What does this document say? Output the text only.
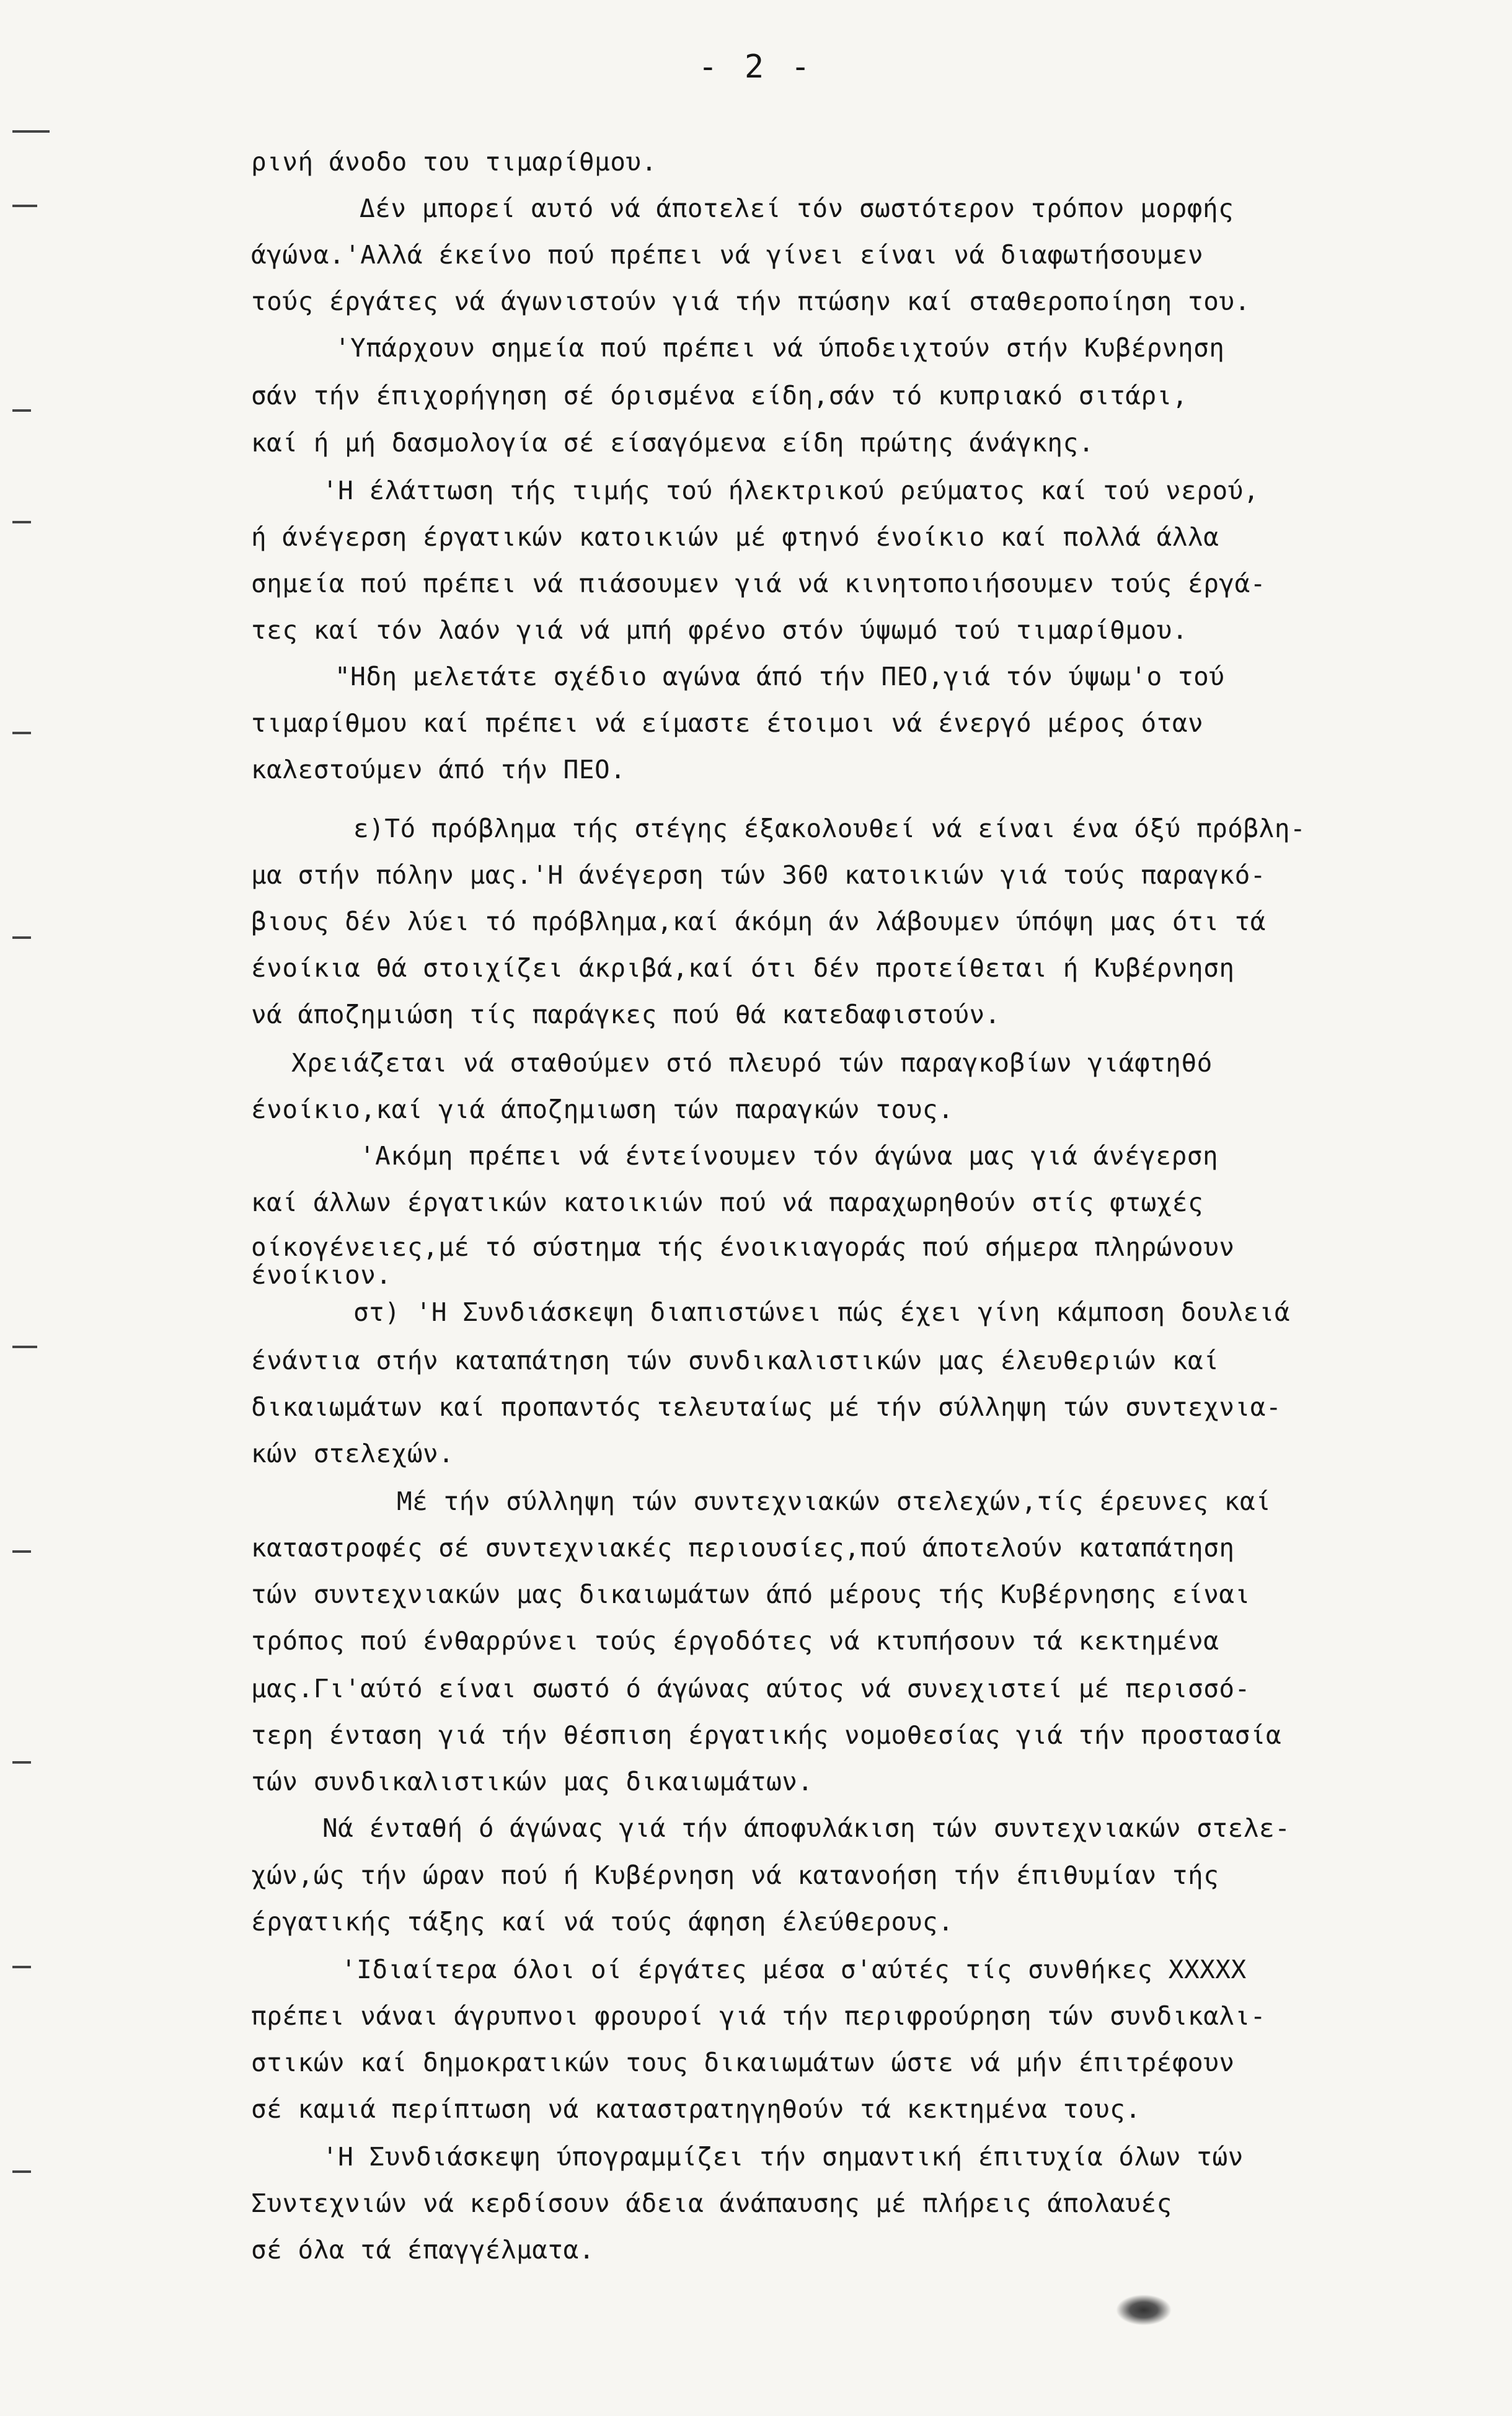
- 2 -
ρινή άνοδο του τιμαρίθμου.
Δέν μπορεί αυτό νά άποτελεί τόν σωστότερον τρόπον μορφής
άγώνα.'Αλλά έκείνο πού πρέπει νά γίνει είναι νά διαφωτήσουμεν
τούς έργάτες νά άγωνιστούν γιά τήν πτώσην καί σταθεροποίηση του.
'Υπάρχουν σημεία πού πρέπει νά ύποδειχτούν στήν Κυβέρνηση
σάν τήν έπιχορήγηση σέ όρισμένα είδη,σάν τό κυπριακό σιτάρι,
καί ή μή δασμολογία σέ είσαγόμενα είδη πρώτης άνάγκης.
'Η έλάττωση τής τιμής τού ήλεκτρικού ρεύματος καί τού νερού,
ή άνέγερση έργατικών κατοικιών μέ φτηνό ένοίκιο καί πολλά άλλα
σημεία πού πρέπει νά πιάσουμεν γιά νά κινητοποιήσουμεν τούς έργά-
τες καί τόν λαόν γιά νά μπή φρένο στόν ύψωμό τού τιμαρίθμου.
"Ηδη μελετάτε σχέδιο αγώνα άπό τήν ΠΕΟ,γιά τόν ύψωμ'ο τού
τιμαρίθμου καί πρέπει νά είμαστε έτοιμοι νά ένεργό μέρος όταν
καλεστούμεν άπό τήν ΠΕΟ.
ε)Τό πρόβλημα τής στέγης έξακολουθεί νά είναι ένα όξύ πρόβλη-
μα στήν πόλην μας.'Η άνέγερση τών 360 κατοικιών γιά τούς παραγκό-
βιους δέν λύει τό πρόβλημα,καί άκόμη άν λάβουμεν ύπόψη μας ότι τά
ένοίκια θά στοιχίζει άκριβά,καί ότι δέν προτείθεται ή Κυβέρνηση
νά άποζημιώση τίς παράγκες πού θά κατεδαφιστούν.
Χρειάζεται νά σταθούμεν στό πλευρό τών παραγκοβίων γιάφτηθό
ένοίκιο,καί γιά άποζημιωση τών παραγκών τους.
'Ακόμη πρέπει νά έντείνουμεν τόν άγώνα μας γιά άνέγερση
καί άλλων έργατικών κατοικιών πού νά παραχωρηθούν στίς φτωχές
οίκογένειες,μέ τό σύστημα τής ένοικιαγοράς πού σήμερα πληρώνουν
ένοίκιον.
στ) 'Η Συνδιάσκεψη διαπιστώνει πώς έχει γίνη κάμποση δουλειά
ένάντια στήν καταπάτηση τών συνδικαλιστικών μας έλευθεριών καί
δικαιωμάτων καί προπαντός τελευταίως μέ τήν σύλληψη τών συντεχνια-
κών στελεχών.
Μέ τήν σύλληψη τών συντεχνιακών στελεχών,τίς έρευνες καί
καταστροφές σέ συντεχνιακές περιουσίες,πού άποτελούν καταπάτηση
τών συντεχνιακών μας δικαιωμάτων άπό μέρους τής Κυβέρνησης είναι
τρόπος πού ένθαρρύνει τούς έργοδότες νά κτυπήσουν τά κεκτημένα
μας.Γι'αύτό είναι σωστό ό άγώνας αύτος νά συνεχιστεί μέ περισσό-
τερη ένταση γιά τήν θέσπιση έργατικής νομοθεσίας γιά τήν προστασία
τών συνδικαλιστικών μας δικαιωμάτων.
Νά ένταθή ό άγώνας γιά τήν άποφυλάκιση τών συντεχνιακών στελε-
χών,ώς τήν ώραν πού ή Κυβέρνηση νά κατανοήση τήν έπιθυμίαν τής
έργατικής τάξης καί νά τούς άφηση έλεύθερους.
'Ιδιαίτερα όλοι οί έργάτες μέσα σ'αύτές τίς συνθήκες XXXXX
πρέπει νάναι άγρυπνοι φρουροί γιά τήν περιφρούρηση τών συνδικαλι-
στικών καί δημοκρατικών τους δικαιωμάτων ώστε νά μήν έπιτρέφουν
σέ καμιά περίπτωση νά καταστρατηγηθούν τά κεκτημένα τους.
'Η Συνδιάσκεψη ύπογραμμίζει τήν σημαντική έπιτυχία όλων τών
Συντεχνιών νά κερδίσουν άδεια άνάπαυσης μέ πλήρεις άπολαυές
σέ όλα τά έπαγγέλματα.
